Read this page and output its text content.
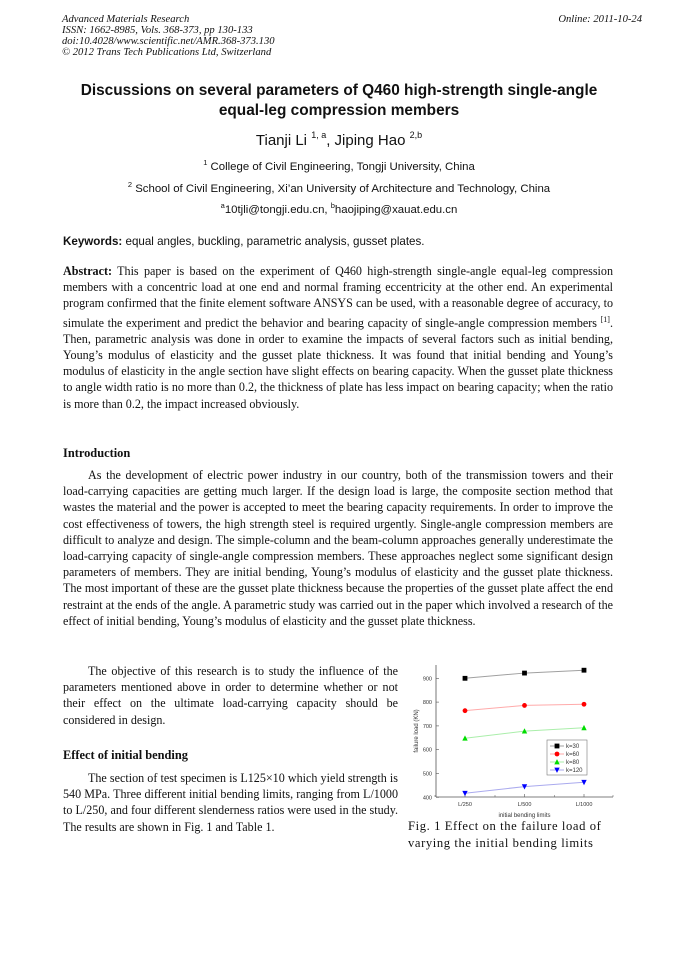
Advanced Materials Research
ISSN: 1662-8985, Vols. 368-373, pp 130-133
doi:10.4028/www.scientific.net/AMR.368-373.130
© 2012 Trans Tech Publications Ltd, Switzerland
Online: 2011-10-24
Discussions on several parameters of Q460 high-strength single-angle
equal-leg compression members
Tianji Li $^{1, a}$, Jiping Hao $^{2,b}$
$^1$ College of Civil Engineering, Tongji University, China
$^2$ School of Civil Engineering, Xi’an University of Architecture and Technology, China
$^a$10tjli@tongji.edu.cn, $^b$haojiping@xauat.edu.cn
Keywords: equal angles, buckling, parametric analysis, gusset plates.
Abstract: This paper is based on the experiment of Q460 high-strength single-angle equal-leg compression members with a concentric load at one end and normal framing eccentricity at the other end. An experimental program confirmed that the finite element software ANSYS can be used, with a reasonable degree of accuracy, to simulate the experiment and predict the behavior and bearing capacity of single-angle compression members [1]. Then, parametric analysis was done in order to examine the impacts of several factors such as initial bending, Young’s modulus of elasticity and the gusset plate thickness. It was found that initial bending and Young’s modulus of elasticity in the angle section have slight effects on bearing capacity. When the gusset plate thickness to angle width ratio is no more than 0.2, the thickness of plate has less impact on bearing capacity; when the ratio is more than 0.2, the impact increased obviously.
Introduction
As the development of electric power industry in our country, both of the transmission towers and their load-carrying capacities are getting much larger. If the design load is large, the composite section method that wastes the material and the power is accepted to meet the bearing capacity requirements. In order to improve the cost effectiveness of towers, the high strength steel is required urgently. Single-angle compression members are difficult to analyze and design. The simple-column and the beam-column approaches generally underestimate the load-carrying capacity of single-angle compression members. These approaches neglect some significant design parameters of members. They are initial bending, Young’s modulus of elasticity and the gusset plate thickness. The most important of these are the gusset plate thickness because the properties of the gusset plate affect the end restraint at the ends of the angle. A parametric study was carried out in the paper which involved a research of the effect of initial bending, Young’s modulus of elasticity and the gusset plate thickness.
The objective of this research is to study the influence of the parameters mentioned above in order to determine whether or not their effect on the ultimate load-carrying capacity should be considered in design.
Effect of initial bending
The section of test specimen is L125×10 which yield strength is 540 MPa. Three different initial bending limits, ranging from L/1000 to L/250, and four different slenderness ratios were used in the study. The results are shown in Fig. 1 and Table 1.
400
500
600
700
800
900
L/250	L/500	L/1000
k=30
k=60
k=80
k=120
initial bending limits
failure load (KN)
Fig. 1 Effect on the failure load of varying the initial bending limits
